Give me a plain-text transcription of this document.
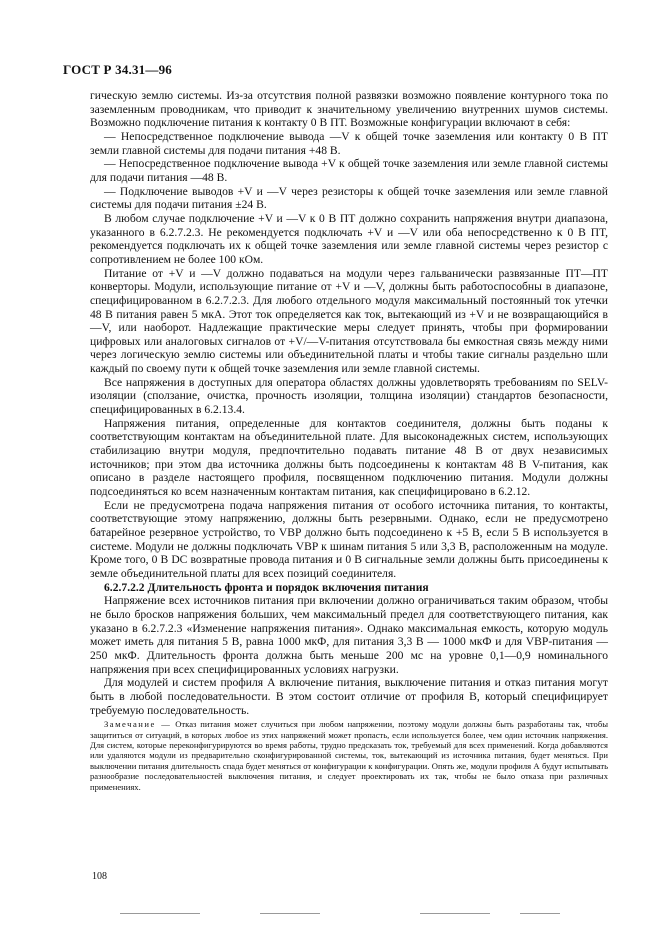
ГОСТ Р 34.31—96

гическую землю системы. Из-за отсутствия полной развязки возможно появление контурного тока по заземленным проводникам, что приводит к значительному увеличению внутренних шумов системы. Возможно подключение питания к контакту 0 В ПТ. Возможные конфигурации включают в себя:

— Непосредственное подключение вывода —V к общей точке заземления или контакту 0 В ПТ земли главной системы для подачи питания +48 В.

— Непосредственное подключение вывода +V к общей точке заземления или земле главной системы для подачи питания —48 В.

— Подключение выводов +V и —V через резисторы к общей точке заземления или земле главной системы для подачи питания ±24 В.

В любом случае подключение +V и —V к 0 В ПТ должно сохранить напряжения внутри диапазона, указанного в 6.2.7.2.3. Не рекомендуется подключать +V и —V или оба непосредственно к 0 В ПТ, рекомендуется подключать их к общей точке заземления или земле главной системы через резистор с сопротивлением не более 100 кОм.

Питание от +V и —V должно подаваться на модули через гальванически развязанные ПТ—ПТ конверторы. Модули, использующие питание от +V и —V, должны быть работоспособны в диапазоне, специфицированном в 6.2.7.2.3. Для любого отдельного модуля максимальный постоянный ток утечки 48 В питания равен 5 мкА. Этот ток определяется как ток, вытекающий из +V и не возвращающийся в —V, или наоборот. Надлежащие практические меры следует принять, чтобы при формировании цифровых или аналоговых сигналов от +V/—V-питания отсутствовала бы емкостная связь между ними через логическую землю системы или объединительной платы и чтобы такие сигналы раздельно шли каждый по своему пути к общей точке заземления или земле главной системы.

Все напряжения в доступных для оператора областях должны удовлетворять требованиям по SELV-изоляции (сползание, очистка, прочность изоляции, толщина изоляции) стандартов безопасности, специфицированных в 6.2.13.4.

Напряжения питания, определенные для контактов соединителя, должны быть поданы к соответствующим контактам на объединительной плате. Для высоконадежных систем, использующих стабилизацию внутри модуля, предпочтительно подавать питание 48 В от двух независимых источников; при этом два источника должны быть подсоединены к контактам 48 В V-питания, как описано в разделе настоящего профиля, посвященном подключению питания. Модули должны подсоединяться ко всем назначенным контактам питания, как специфицировано в 6.2.12.

Если не предусмотрена подача напряжения питания от особого источника питания, то контакты, соответствующие этому напряжению, должны быть резервными. Однако, если не предусмотрено батарейное резервное устройство, то VBP должно быть подсоединено к +5 В, если 5 В используется в системе. Модули не должны подключать VBP к шинам питания 5 или 3,3 В, расположенным на модуле. Кроме того, 0 В DC возвратные провода питания и 0 В сигнальные земли должны быть присоединены к земле объединительной платы для всех позиций соединителя.

6.2.7.2.2 Длительность фронта и порядок включения питания

Напряжение всех источников питания при включении должно ограничиваться таким образом, чтобы не было бросков напряжения больших, чем максимальный предел для соответствующего питания, как указано в 6.2.7.2.3 «Изменение напряжения питания». Однако максимальная емкость, которую модуль может иметь для питания 5 В, равна 1000 мкФ, для питания 3,3 В — 1000 мкФ и для VBP-питания — 250 мкФ. Длительность фронта должна быть меньше 200 мс на уровне 0,1—0,9 номинального напряжения при всех специфицированных условиях нагрузки.

Для модулей и систем профиля А включение питания, выключение питания и отказ питания могут быть в любой последовательности. В этом состоит отличие от профиля В, который специфицирует требуемую последовательность.

Замечание — Отказ питания может случиться при любом напряжении, поэтому модули должны быть разработаны так, чтобы защититься от ситуаций, в которых любое из этих напряжений может пропасть, если используется более, чем один источник напряжения. Для систем, которые переконфигурируются во время работы, трудно предсказать ток, требуемый для всех применений. Когда добавляются или удаляются модули из предварительно сконфигурированной системы, ток, вытекающий из источника питания, будет меняться. При выключении питания длительность спада будет меняться от конфигурации к конфигурации. Опять же, модули профиля А будут испытывать разнообразие последовательностей выключения питания, и следует проектировать их так, чтобы не было отказа при различных применениях.

108
